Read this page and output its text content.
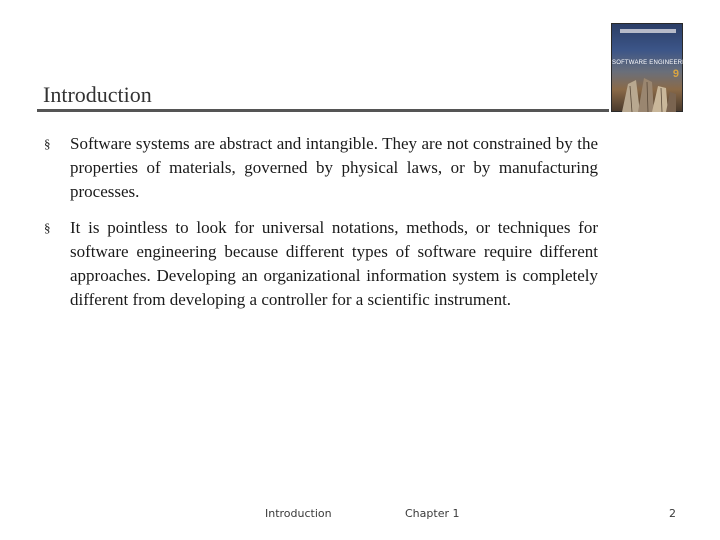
Introduction
SOFTWARE ENGINEERING
9
§ Software systems are abstract and intangible. They are not constrained by the properties of materials, governed by physical laws, or by manufacturing processes.
§ It is pointless to look for universal notations, methods, or techniques for software engineering because different types of software require different approaches. Developing an organizational information system is completely different from developing a controller for a scientific instrument.
Introduction	Chapter 1	2
